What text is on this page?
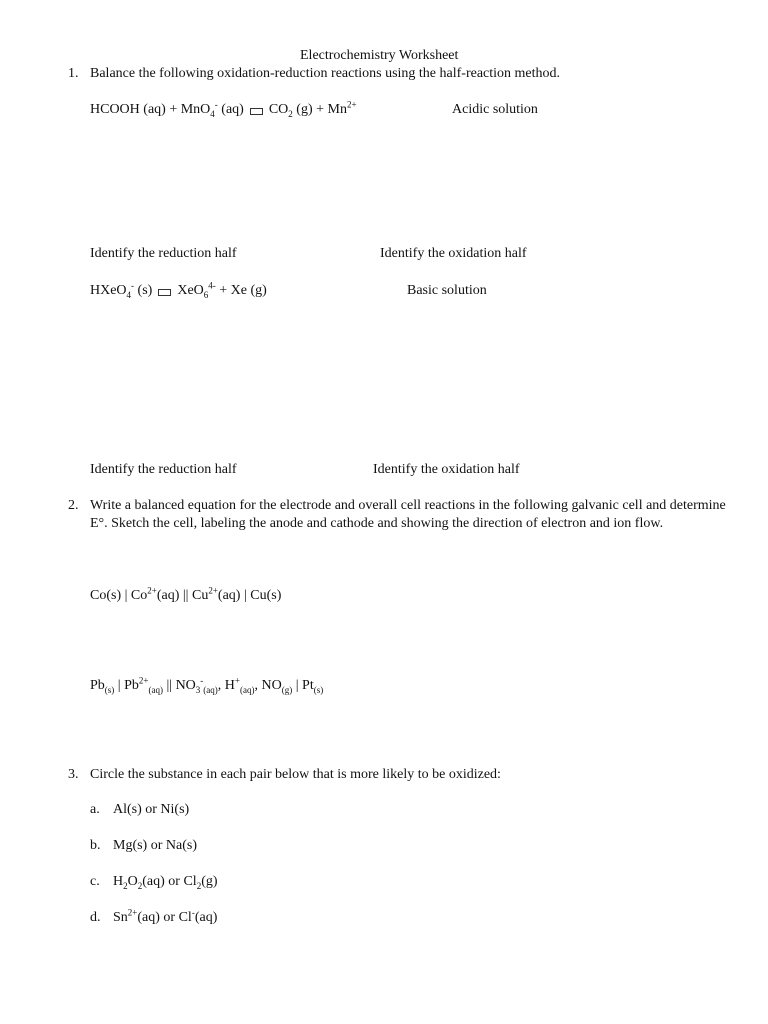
Electrochemistry Worksheet
1. Balance the following oxidation-reduction reactions using the half-reaction method.
HCOOH (aq) + MnO$_4$- (aq) $CO_2$ $(g) + Mn^{2+}$	Acidic solution
Identify the reduction half	Identify the oxidation half
HXeO$_4$- (s) XeO$_6^{4-}$ + Xe (g)	Basic solution
Identify the reduction half	Identify the oxidation half
2. Write a balanced equation for the electrode and overall cell reactions in the following galvanic cell and determine E°. Sketch the cell, labeling the anode and cathode and showing the direction of electron and ion flow.
Co(s) | $Co^{2+}(aq)$ || $Cu^{2+}(aq)$ | Cu(s)
$Pb_{(s)}$ | $Pb^{2+}_{(aq)}$ || $NO_3^-_{(aq)}$, $H^+_{(aq)}$, $NO_{(g)}$ | $Pt_{(s)}$
3. Circle the substance in each pair below that is more likely to be oxidized:
a. Al(s) or Ni(s)
b. Mg(s) or Na(s)
c. $H_2O_2(aq)$ or $Cl_2(g)$
d. $Sn^{2+}(aq)$ or Cl-(aq)
